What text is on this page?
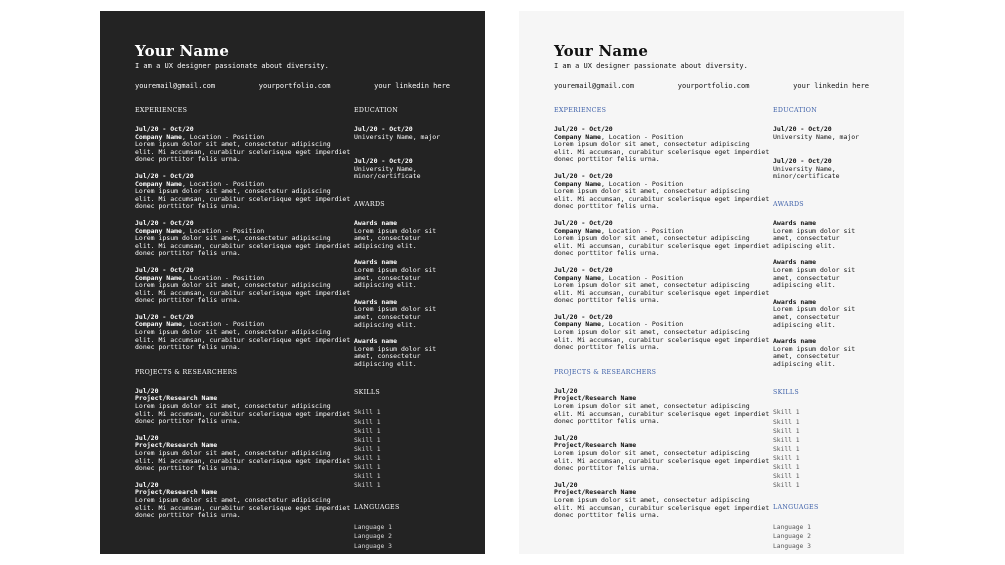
Your Name
I am a UX designer passionate about diversity.
youremail@gmail.com	yourportfolio.com	your linkedin here
EXPERIENCES
Jul/20 - Oct/20
Company Name, Location - Position
Lorem ipsum dolor sit amet, consectetur adipiscing elit. Mi accumsan, curabitur scelerisque eget imperdiet donec porttitor felis urna.
Jul/20 - Oct/20
Company Name, Location - Position
Lorem ipsum dolor sit amet, consectetur adipiscing elit. Mi accumsan, curabitur scelerisque eget imperdiet donec porttitor felis urna.
Jul/20 - Oct/20
Company Name, Location - Position
Lorem ipsum dolor sit amet, consectetur adipiscing elit. Mi accumsan, curabitur scelerisque eget imperdiet donec porttitor felis urna.
Jul/20 - Oct/20
Company Name, Location - Position
Lorem ipsum dolor sit amet, consectetur adipiscing elit. Mi accumsan, curabitur scelerisque eget imperdiet donec porttitor felis urna.
Jul/20 - Oct/20
Company Name, Location - Position
Lorem ipsum dolor sit amet, consectetur adipiscing elit. Mi accumsan, curabitur scelerisque eget imperdiet donec porttitor felis urna.
PROJECTS & RESEARCHERS
Jul/20
Project/Research Name
Lorem ipsum dolor sit amet, consectetur adipiscing elit. Mi accumsan, curabitur scelerisque eget imperdiet donec porttitor felis urna.
Jul/20
Project/Research Name
Lorem ipsum dolor sit amet, consectetur adipiscing elit. Mi accumsan, curabitur scelerisque eget imperdiet donec porttitor felis urna.
Jul/20
Project/Research Name
Lorem ipsum dolor sit amet, consectetur adipiscing elit. Mi accumsan, curabitur scelerisque eget imperdiet donec porttitor felis urna.
EDUCATION
Jul/20 - Oct/20
University Name, major
Jul/20 - Oct/20
University Name, minor/certificate
AWARDS
Awards name
Lorem ipsum dolor sit amet, consectetur adipiscing elit.
Awards name
Lorem ipsum dolor sit amet, consectetur adipiscing elit.
Awards name
Lorem ipsum dolor sit amet, consectetur adipiscing elit.
Awards name
Lorem ipsum dolor sit amet, consectetur adipiscing elit.
SKILLS
Skill 1
Skill 1
Skill 1
Skill 1
Skill 1
Skill 1
Skill 1
Skill 1
Skill 1
LANGUAGES
Language 1
Language 2
Language 3
Your Name
I am a UX designer passionate about diversity.
youremail@gmail.com	yourportfolio.com	your linkedin here
EXPERIENCES
Jul/20 - Oct/20
Company Name, Location - Position
Lorem ipsum dolor sit amet, consectetur adipiscing elit. Mi accumsan, curabitur scelerisque eget imperdiet donec porttitor felis urna.
Jul/20 - Oct/20
Company Name, Location - Position
Lorem ipsum dolor sit amet, consectetur adipiscing elit. Mi accumsan, curabitur scelerisque eget imperdiet donec porttitor felis urna.
Jul/20 - Oct/20
Company Name, Location - Position
Lorem ipsum dolor sit amet, consectetur adipiscing elit. Mi accumsan, curabitur scelerisque eget imperdiet donec porttitor felis urna.
Jul/20 - Oct/20
Company Name, Location - Position
Lorem ipsum dolor sit amet, consectetur adipiscing elit. Mi accumsan, curabitur scelerisque eget imperdiet donec porttitor felis urna.
Jul/20 - Oct/20
Company Name, Location - Position
Lorem ipsum dolor sit amet, consectetur adipiscing elit. Mi accumsan, curabitur scelerisque eget imperdiet donec porttitor felis urna.
PROJECTS & RESEARCHERS
Jul/20
Project/Research Name
Lorem ipsum dolor sit amet, consectetur adipiscing elit. Mi accumsan, curabitur scelerisque eget imperdiet donec porttitor felis urna.
Jul/20
Project/Research Name
Lorem ipsum dolor sit amet, consectetur adipiscing elit. Mi accumsan, curabitur scelerisque eget imperdiet donec porttitor felis urna.
Jul/20
Project/Research Name
Lorem ipsum dolor sit amet, consectetur adipiscing elit. Mi accumsan, curabitur scelerisque eget imperdiet donec porttitor felis urna.
EDUCATION
Jul/20 - Oct/20
University Name, major
Jul/20 - Oct/20
University Name, minor/certificate
AWARDS
Awards name
Lorem ipsum dolor sit amet, consectetur adipiscing elit.
Awards name
Lorem ipsum dolor sit amet, consectetur adipiscing elit.
Awards name
Lorem ipsum dolor sit amet, consectetur adipiscing elit.
Awards name
Lorem ipsum dolor sit amet, consectetur adipiscing elit.
SKILLS
Skill 1
Skill 1
Skill 1
Skill 1
Skill 1
Skill 1
Skill 1
Skill 1
Skill 1
LANGUAGES
Language 1
Language 2
Language 3
